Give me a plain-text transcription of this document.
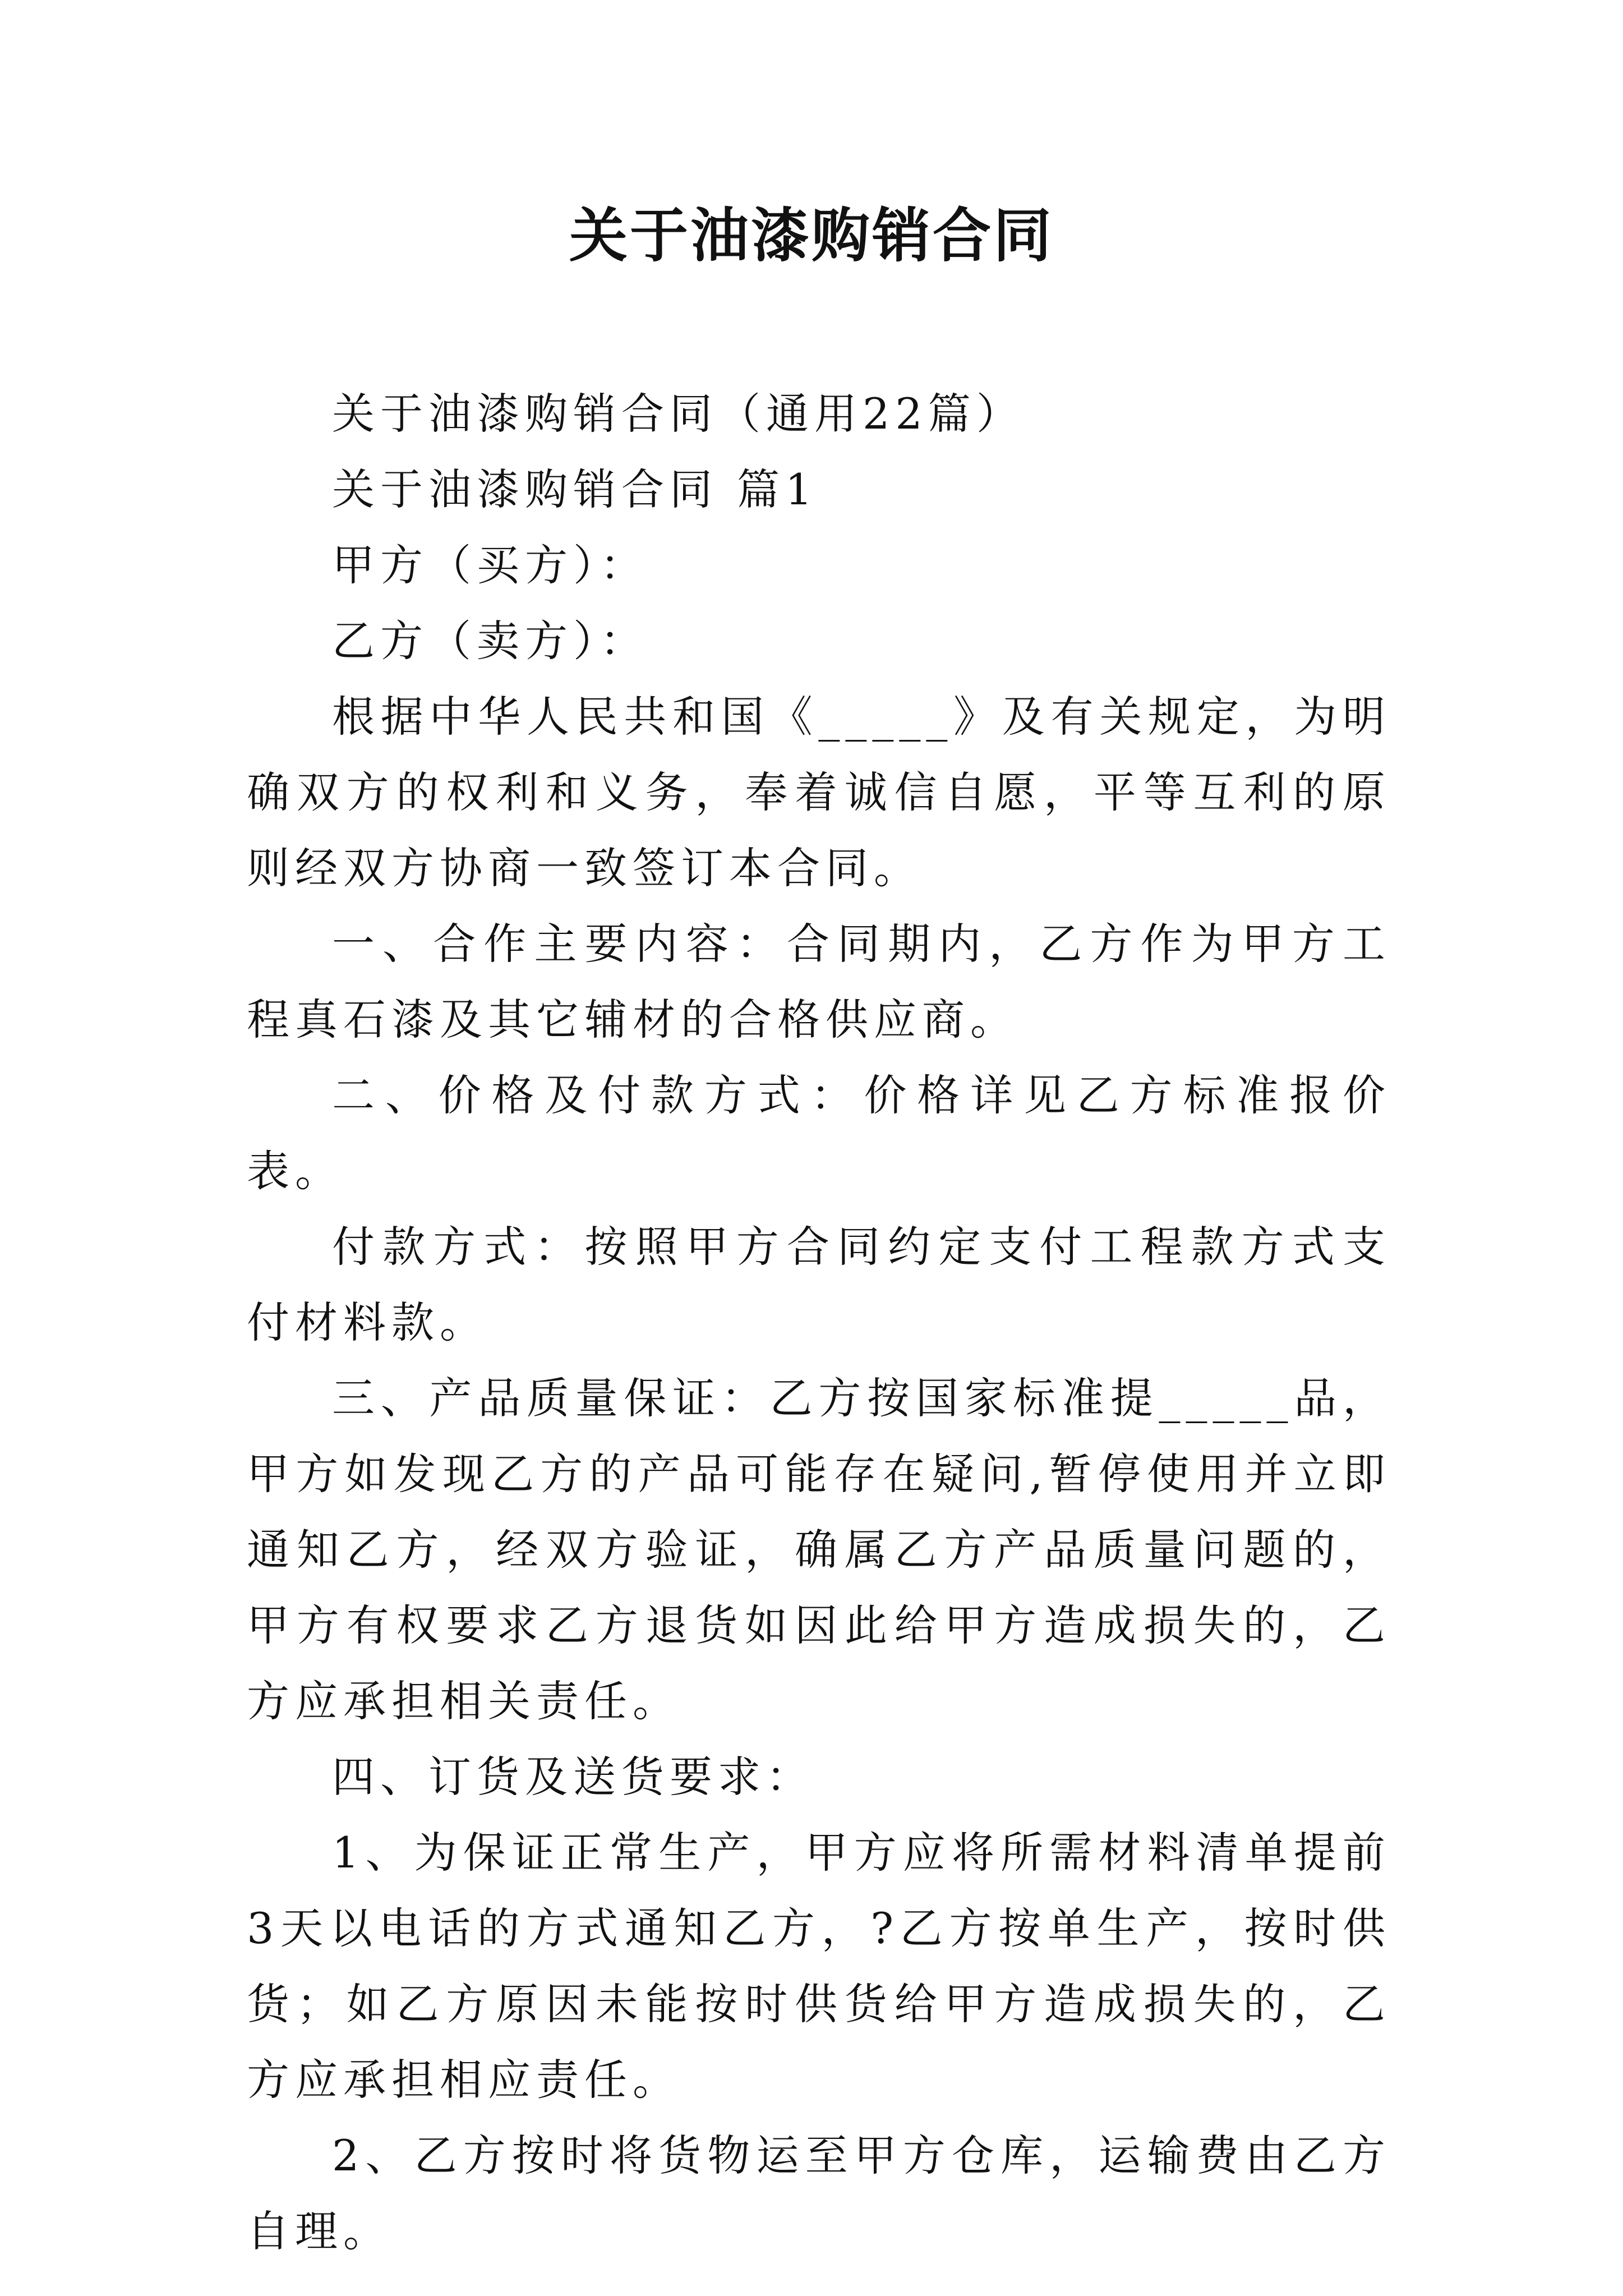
关于油漆购销合同

关于油漆购销合同（通用22篇）

关于油漆购销合同 篇1

甲方（买方）：

乙方（卖方）：

根据中华人民共和国《_____》及有关规定，为明确双方的权利和义务，奉着诚信自愿，平等互利的原则经双方协商一致签订本合同。

一、合作主要内容：合同期内，乙方作为甲方工程真石漆及其它辅材的合格供应商。

二、价格及付款方式：价格详见乙方标准报价表。

付款方式：按照甲方合同约定支付工程款方式支付材料款。

三、产品质量保证：乙方按国家标准提_____品，甲方如发现乙方的产品可能存在疑问,暂停使用并立即通知乙方，经双方验证，确属乙方产品质量问题的，甲方有权要求乙方退货如因此给甲方造成损失的，乙方应承担相关责任。

四、订货及送货要求：

1、为保证正常生产，甲方应将所需材料清单提前3天以电话的方式通知乙方，?乙方按单生产，按时供货；如乙方原因未能按时供货给甲方造成损失的，乙方应承担相应责任。

2、乙方按时将货物运至甲方仓库，运输费由乙方自理。
